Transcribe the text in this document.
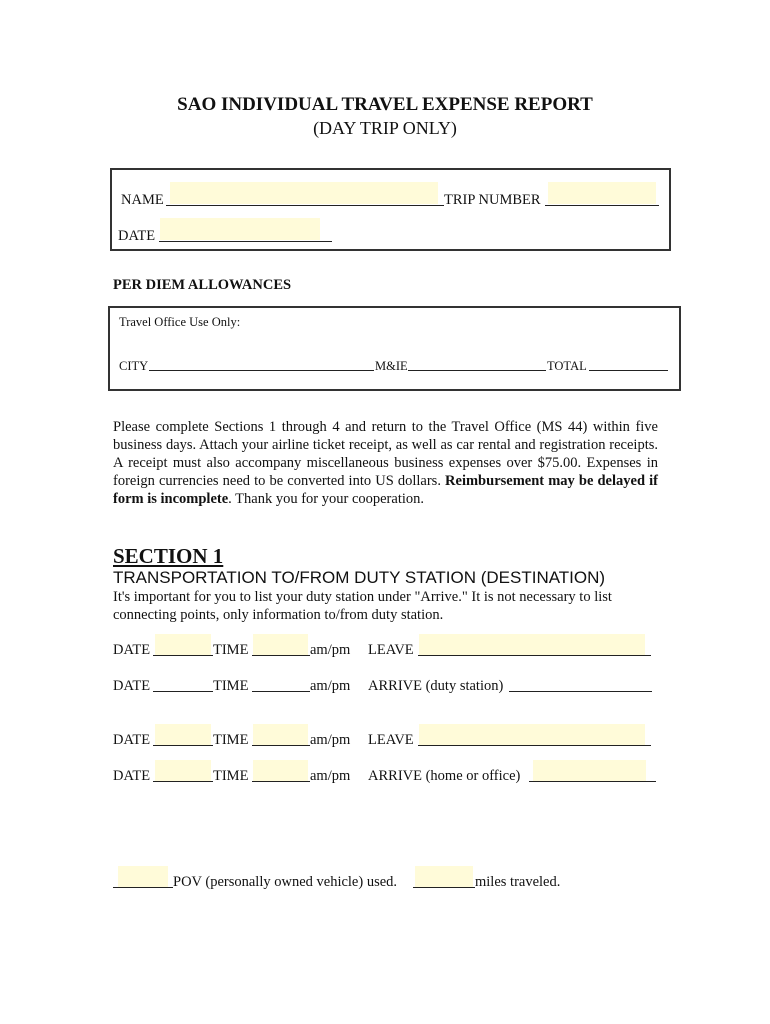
SAO INDIVIDUAL TRAVEL EXPENSE REPORT
(DAY TRIP ONLY)
NAME	TRIP NUMBER
DATE
PER DIEM ALLOWANCES
Travel Office Use Only:
CITY	M&IE	TOTAL
Please complete Sections 1 through 4 and return to the Travel Office (MS 44) within five business days. Attach your airline ticket receipt, as well as car rental and registration receipts. A receipt must also accompany miscellaneous business expenses over $75.00. Expenses in foreign currencies need to be converted into US dollars. Reimbursement may be delayed if form is incomplete. Thank you for your cooperation.
SECTION 1
TRANSPORTATION TO/FROM DUTY STATION (DESTINATION)
It's important for you to list your duty station under "Arrive." It is not necessary to list connecting points, only information to/from duty station.
DATE	TIME	am/pm LEAVE
DATE	TIME	am/pm ARRIVE (duty station)
DATE	TIME	am/pm LEAVE
DATE	TIME	am/pm ARRIVE (home or office)
POV (personally owned vehicle) used.	miles traveled.
